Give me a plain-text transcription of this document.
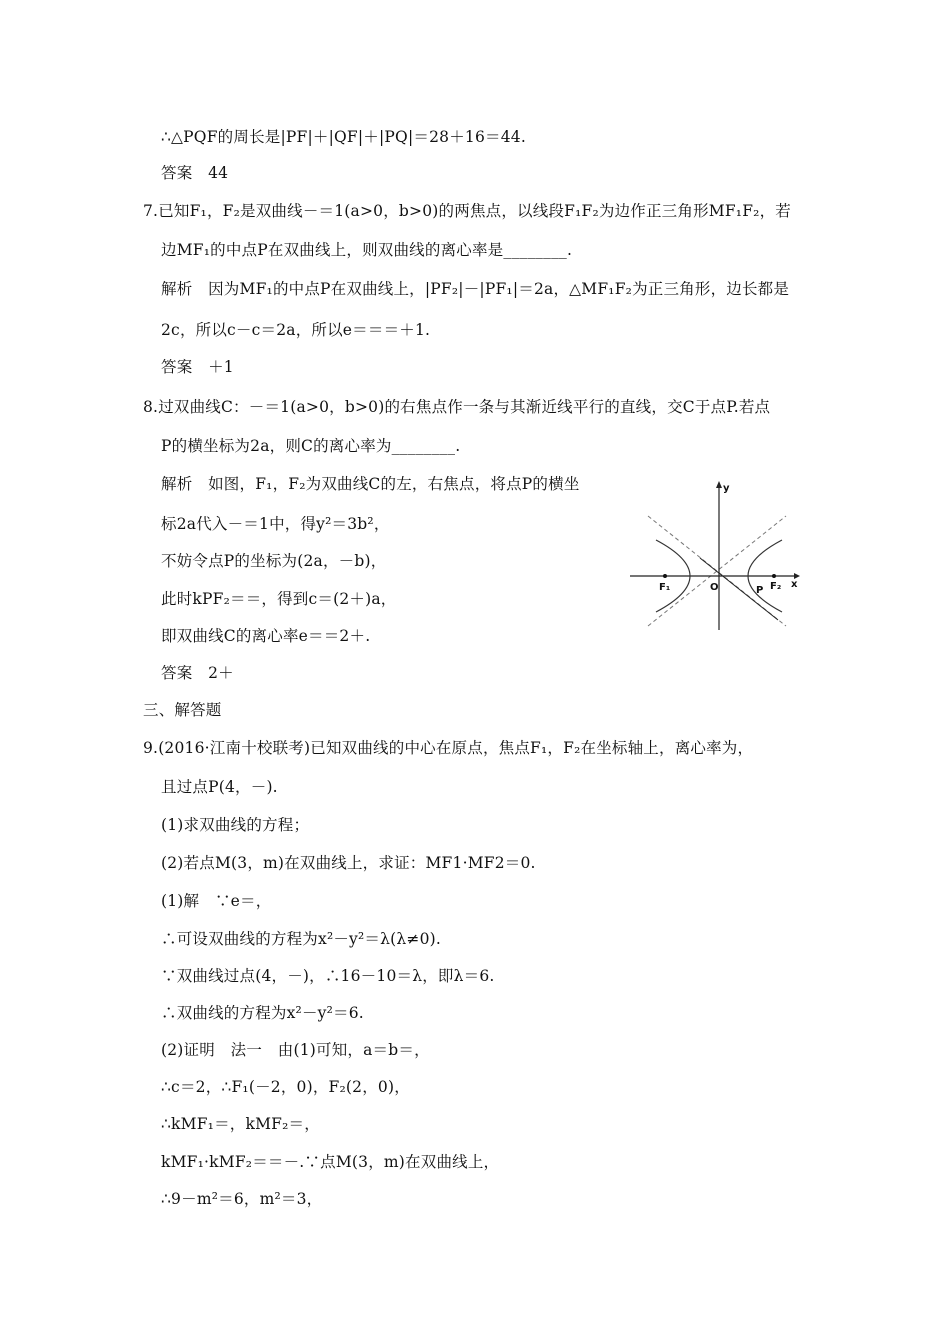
∴△PQF的周长是|PF|＋|QF|＋|PQ|＝28＋16＝44.
答案　44
7.已知F₁，F₂是双曲线－＝1(a>0，b>0)的两焦点，以线段F₁F₂为边作正三角形MF₁F₂，若
边MF₁的中点P在双曲线上，则双曲线的离心率是________.
解析　因为MF₁的中点P在双曲线上，|PF₂|－|PF₁|＝2a，△MF₁F₂为正三角形，边长都是
2c，所以c－c＝2a，所以e＝＝＝＋1.
答案　＋1
8.过双曲线C：－＝1(a>0，b>0)的右焦点作一条与其渐近线平行的直线，交C于点P.若点
P的横坐标为2a，则C的离心率为________.
解析　如图，F₁，F₂为双曲线C的左，右焦点，将点P的横坐
标2a代入－＝1中，得y²＝3b²，
不妨令点P的坐标为(2a，－b)，
此时kPF₂＝＝，得到c＝(2＋)a，
即双曲线C的离心率e＝＝2＋.
答案　2＋
三、解答题
9.(2016·江南十校联考)已知双曲线的中心在原点，焦点F₁，F₂在坐标轴上，离心率为，
且过点P(4，－).
(1)求双曲线的方程；
(2)若点M(3，m)在双曲线上，求证：MF1·MF2＝0.
(1)解　∵e＝，
∴可设双曲线的方程为x²－y²＝λ(λ≠0).
∵双曲线过点(4，－)，∴16－10＝λ，即λ＝6.
∴双曲线的方程为x²－y²＝6.
(2)证明　法一　由(1)可知，a＝b＝，
∴c＝2，∴F₁(－2，0)，F₂(2，0)，
∴kMF₁＝，kMF₂＝，
kMF₁·kMF₂＝＝－.∵点M(3，m)在双曲线上，
∴9－m²＝6，m²＝3，
y
x
O
F₁	F₂
P
